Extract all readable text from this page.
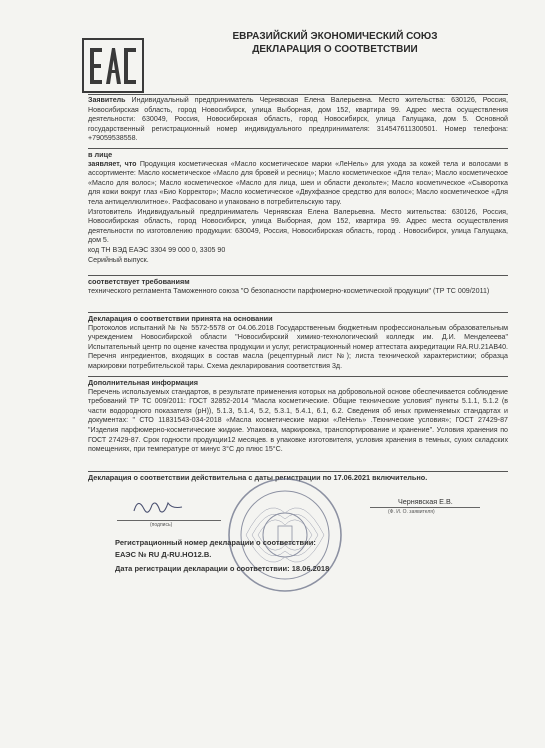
ЕВРАЗИЙСКИЙ ЭКОНОМИЧЕСКИЙ СОЮЗ
ДЕКЛАРАЦИЯ О СООТВЕТСТВИИ

Заявитель Индивидуальный предприниматель Чернявская Елена Валерьевна. Место жительства: 630126, Россия, Новосибирская область, город Новосибирск, улица Выборная, дом 152, квартира 99. Адрес места осуществления деятельности: 630049, Россия, Новосибирская область, город Новосибирск, улица Галущака, дом 5. Основной государственный регистрационный номер индивидуального предпринимателя: 314547611300501. Номер телефона: +79059538558.

в лице

заявляет, что Продукция косметическая «Масло косметическое марки «ЛеНель» для ухода за кожей тела и волосами в ассортименте: Масло косметическое «Масло для бровей и ресниц»; Масло косметическое «Для тела»; Масло косметическое «Масло для волос»; Масло косметическое «Масло для лица, шеи и области декольте»; Масло косметическое «Сыворотка для кожи вокруг глаз «Био Корректор»; Масло косметическое «Двухфазное средство для волос»; Масло косметическое «Для тела антицеллюлитное». Расфасовано и упаковано в потребительскую тару.

Изготовитель Индивидуальный предприниматель Чернявская Елена Валерьевна. Место жительства: 630126, Россия, Новосибирская область, город Новосибирск, улица Выборная, дом 152, квартира 99. Адрес места осуществления деятельности по изготовлению продукции: 630049, Россия, Новосибирская область, город . Новосибирск, улица Галущака, дом 5.

код ТН ВЭД ЕАЭС 3304 99 000 0, 3305 90

Серийный выпуск.

соответствует требованиям

технического регламента Таможенного союза "О безопасности парфюмерно-косметической продукции" (ТР ТС 009/2011)

Декларация о соответствии принята на основании

Протоколов испытаний № № 5572-5578 от 04.06.2018 Государственным бюджетным профессиональным образовательным учреждением Новосибирской области "Новосибирский химико-технологический колледж им. Д.И. Менделеева" Испытательный центр по оценке качества продукции и услуг, регистрационный номер аттестата аккредитации RA.RU.21АВ40. Перечня ингредиентов, входящих в состав масла (рецептурный лист №); листа технической характеристики; образца маркировки потребительской тары. Схема декларирования соответствия 3д.

Дополнительная информация

Перечень используемых стандартов, в результате применения которых на добровольной основе обеспечивается соблюдение требований ТР ТС 009/2011: ГОСТ 32852-2014 "Масла косметические. Общие технические условия" пункты 5.1.1, 5.1.2 (в части водородного показателя (рН)), 5.1.3, 5.1.4, 5.2, 5.3.1, 5.4.1, 6.1, 6.2. Сведения об иных применяемых стандартах и документах: " СТО 11831543-034-2018 «Масла косметические марки «ЛеНель» .Технические условия»; ГОСТ 27429-87 "Изделия парфюмерно-косметические жидкие. Упаковка, маркировка, транспортирование и хранение". Условия хранения по ГОСТ 27429-87. Срок годности продукции12 месяцев. в упаковке изготовителя, условия хранения в темных, сухих складских помещениях, при температуре от минус 3°С до плюс 15°С.

Декларация о соответствии действительна с даты регистрации по 17.06.2021 включительно.
(подпись)
Чернявская Е.В.
(Ф. И. О. заявителя)
Регистрационный номер декларации о соответствии:
ЕАЭС № RU Д-RU.НО12.В.
Дата регистрации декларации о соответствии: 18.06.2018
